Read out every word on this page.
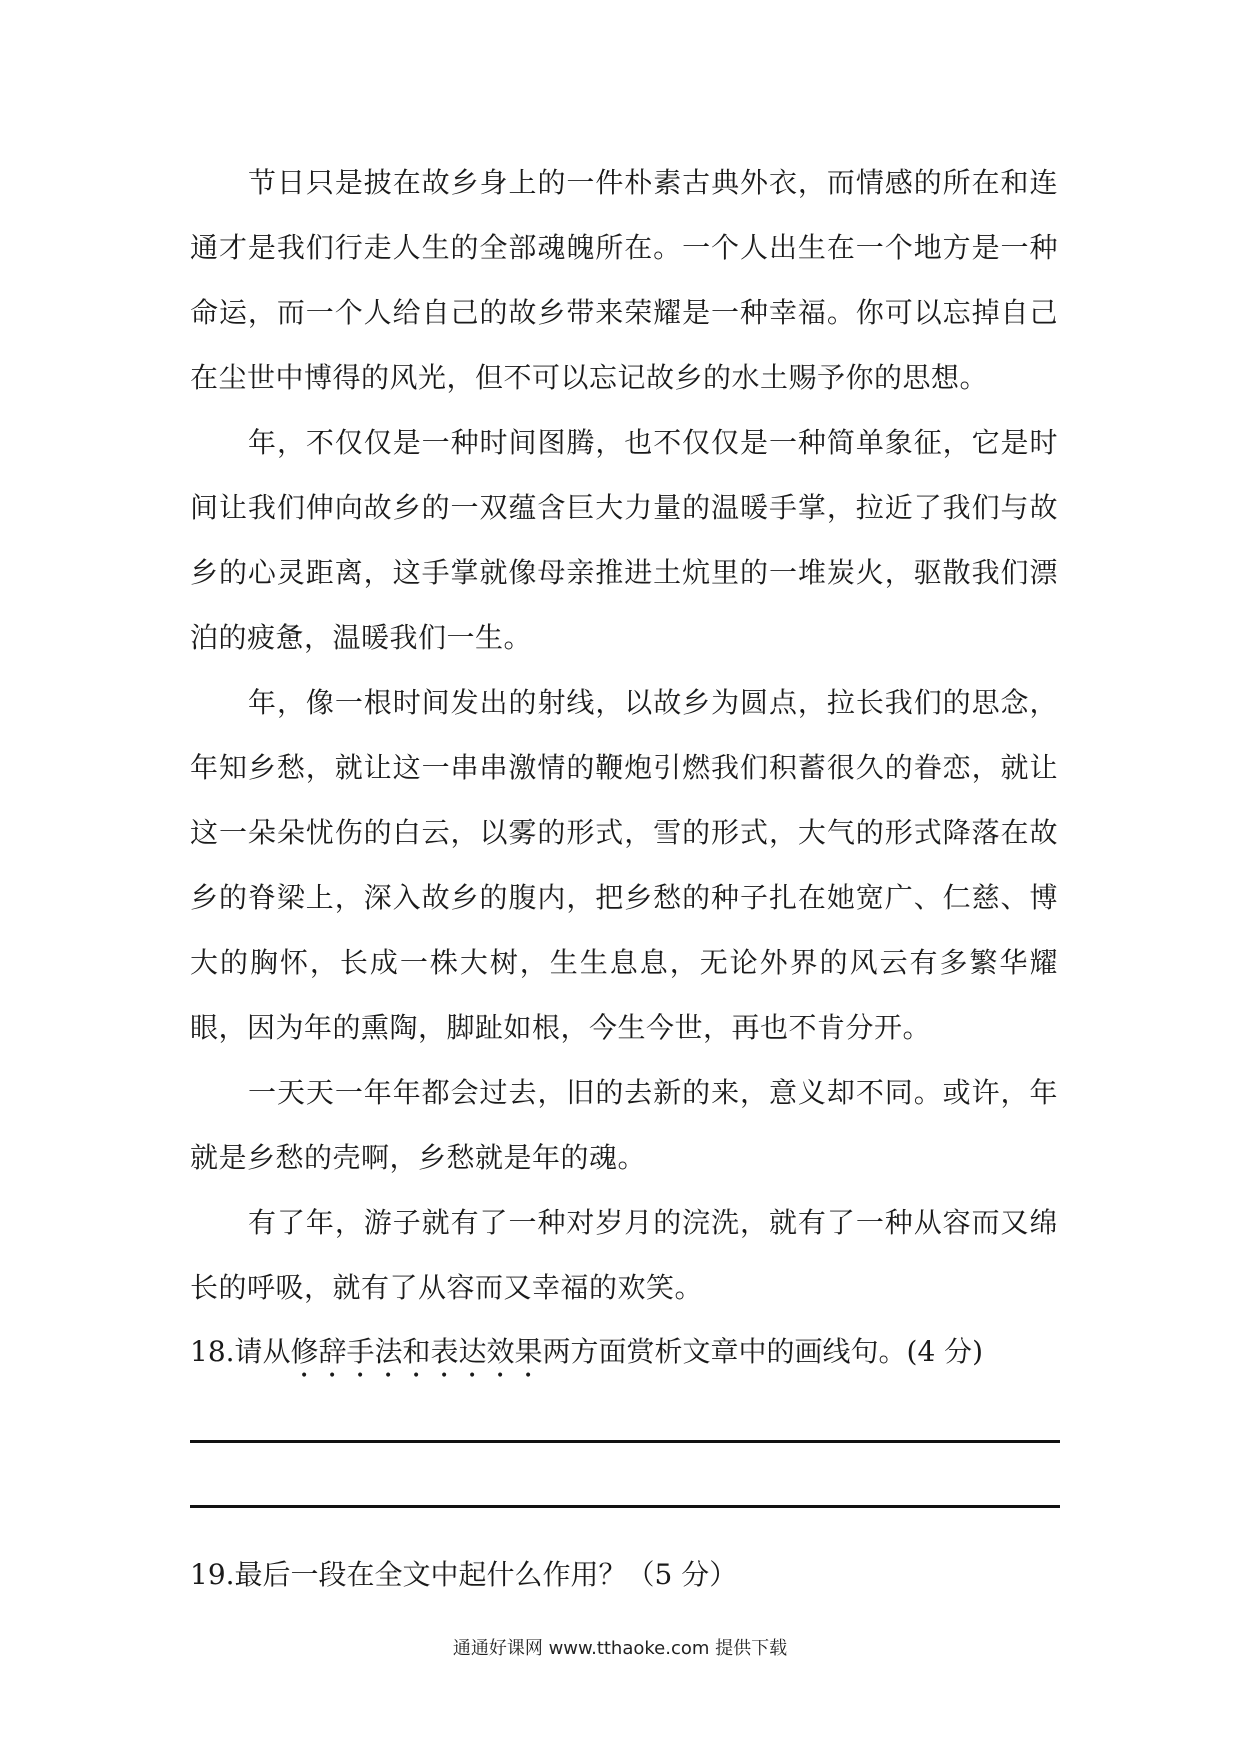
节日只是披在故乡身上的一件朴素古典外衣，而情感的所在和连通才是我们行走人生的全部魂魄所在。一个人出生在一个地方是一种命运，而一个人给自己的故乡带来荣耀是一种幸福。你可以忘掉自己在尘世中博得的风光，但不可以忘记故乡的水土赐予你的思想。

年，不仅仅是一种时间图腾，也不仅仅是一种简单象征，它是时间让我们伸向故乡的一双蕴含巨大力量的温暖手掌，拉近了我们与故乡的心灵距离，这手掌就像母亲推进土炕里的一堆炭火，驱散我们漂泊的疲惫，温暖我们一生。

年，像一根时间发出的射线，以故乡为圆点，拉长我们的思念，年知乡愁，就让这一串串激情的鞭炮引燃我们积蓄很久的眷恋，就让这一朵朵忧伤的白云，以雾的形式，雪的形式，大气的形式降落在故乡的脊梁上，深入故乡的腹内，把乡愁的种子扎在她宽广、仁慈、博大的胸怀，长成一株大树，生生息息，无论外界的风云有多繁华耀眼，因为年的熏陶，脚趾如根，今生今世，再也不肯分开。

一天天一年年都会过去，旧的去新的来，意义却不同。或许，年就是乡愁的壳啊，乡愁就是年的魂。

有了年，游子就有了一种对岁月的浣洗，就有了一种从容而又绵长的呼吸，就有了从容而又幸福的欢笑。

18.请从修辞手法和表达效果两方面赏析文章中的画线句。(4 分)
19.最后一段在全文中起什么作用？（5 分）
通通好课网 www.tthaoke.com 提供下载
